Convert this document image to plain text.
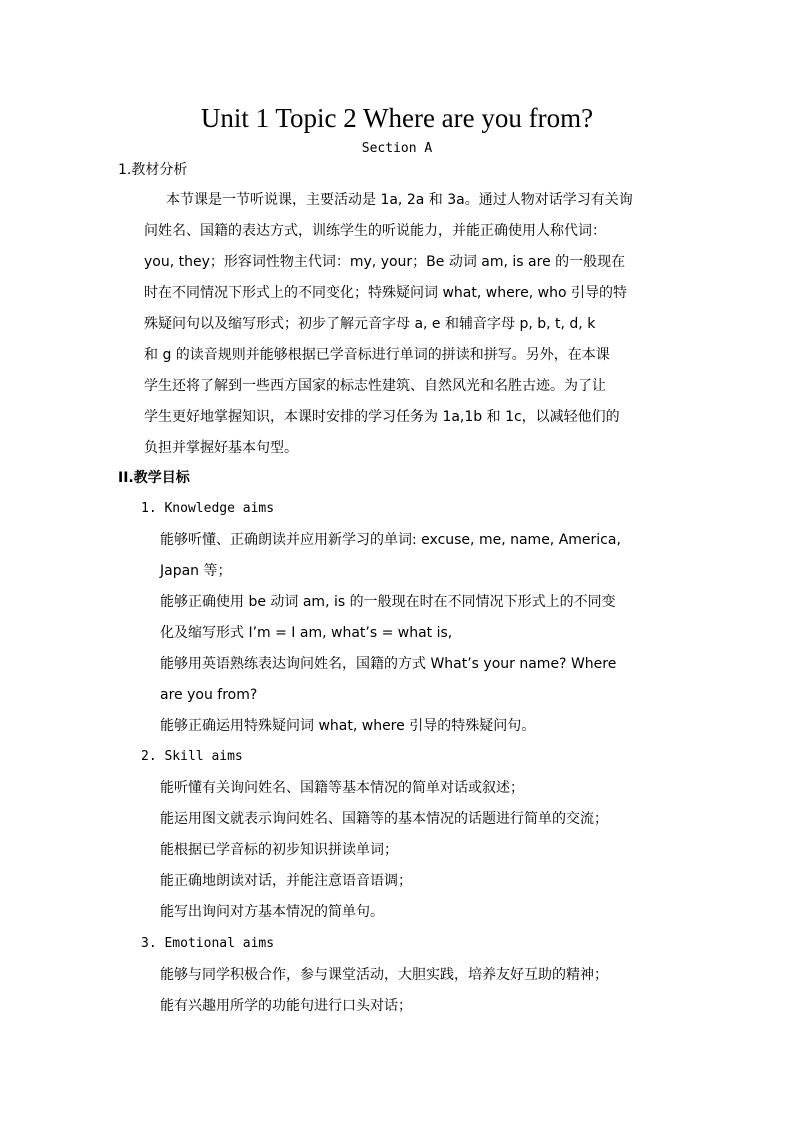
Unit 1 Topic 2 Where are you from?
Section A
1.教材分析
本节课是一节听说课，主要活动是 1a, 2a 和 3a。通过人物对话学习有关询
问姓名、国籍的表达方式，训练学生的听说能力，并能正确使用人称代词：
you, they；形容词性物主代词：my, your；Be 动词 am, is are 的一般现在
时在不同情况下形式上的不同变化；特殊疑问词 what, where, who 引导的特
殊疑问句以及缩写形式；初步了解元音字母 a, e 和辅音字母 p, b, t, d, k
和 g 的读音规则并能够根据已学音标进行单词的拼读和拼写。另外，在本课
学生还将了解到一些西方国家的标志性建筑、自然风光和名胜古迹。为了让
学生更好地掌握知识，本课时安排的学习任务为 1a,1b 和 1c，以减轻他们的
负担并掌握好基本句型。
II.教学目标
1. Knowledge aims
能够听懂、正确朗读并应用新学习的单词: excuse, me, name, America,
Japan 等；
能够正确使用 be 动词 am, is 的一般现在时在不同情况下形式上的不同变
化及缩写形式 I’m = I am, what’s = what is,
能够用英语熟练表达询问姓名，国籍的方式 What’s your name? Where
are you from?
能够正确运用特殊疑问词 what, where 引导的特殊疑问句。
2. Skill aims
能听懂有关询问姓名、国籍等基本情况的简单对话或叙述；
能运用图文就表示询问姓名、国籍等的基本情况的话题进行简单的交流；
能根据已学音标的初步知识拼读单词；
能正确地朗读对话，并能注意语音语调；
能写出询问对方基本情况的简单句。
3. Emotional aims
能够与同学积极合作，参与课堂活动，大胆实践，培养友好互助的精神；
能有兴趣用所学的功能句进行口头对话；
